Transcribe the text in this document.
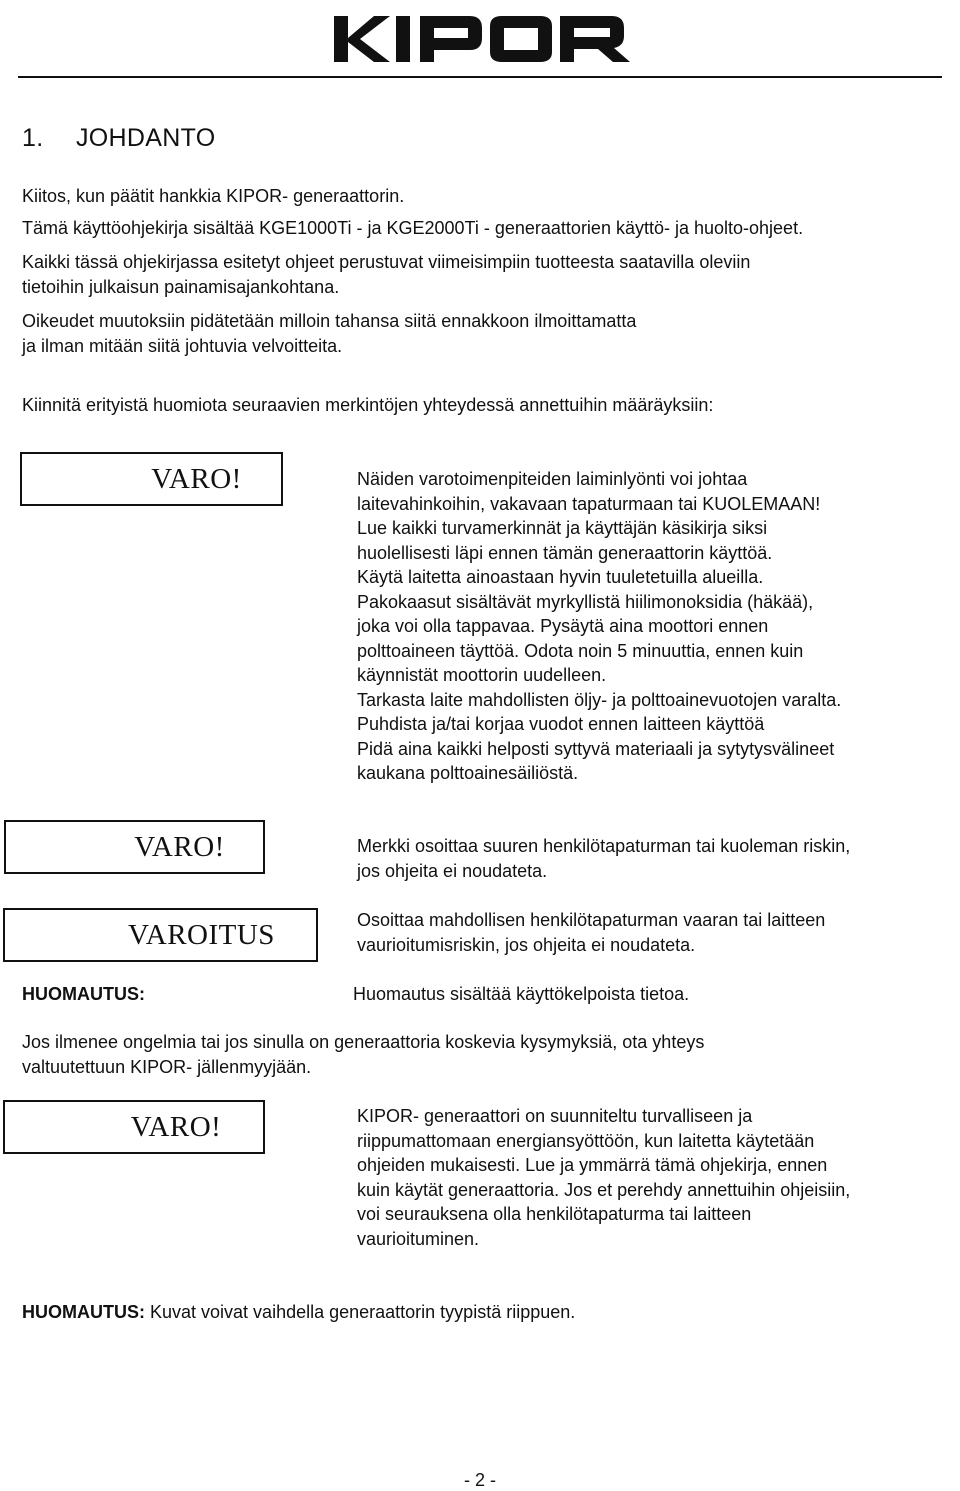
1. JOHDANTO
Kiitos, kun päätit hankkia KIPOR- generaattorin.
Tämä käyttöohjekirja sisältää KGE1000Ti - ja KGE2000Ti - generaattorien käyttö- ja huolto-ohjeet.
Kaikki tässä ohjekirjassa esitetyt ohjeet perustuvat viimeisimpiin tuotteesta saatavilla oleviin
tietoihin julkaisun painamisajankohtana.
Oikeudet muutoksiin pidätetään milloin tahansa siitä ennakkoon ilmoittamatta
ja ilman mitään siitä johtuvia velvoitteita.
Kiinnitä erityistä huomiota seuraavien merkintöjen yhteydessä annettuihin määräyksiin:
VARO!	Näiden varotoimenpiteiden laiminlyönti voi johtaa
laitevahinkoihin, vakavaan tapaturmaan tai KUOLEMAAN!
Lue kaikki turvamerkinnät ja käyttäjän käsikirja siksi
huolellisesti läpi ennen tämän generaattorin käyttöä.
Käytä laitetta ainoastaan hyvin tuuletetuilla alueilla.
Pakokaasut sisältävät myrkyllistä hiilimonoksidia (häkää),
joka voi olla tappavaa. Pysäytä aina moottori ennen
polttoaineen täyttöä. Odota noin 5 minuuttia, ennen kuin
käynnistät moottorin uudelleen.
Tarkasta laite mahdollisten öljy- ja polttoainevuotojen varalta.
Puhdista ja/tai korjaa vuodot ennen laitteen käyttöä
Pidä aina kaikki helposti syttyvä materiaali ja sytytysvälineet
kaukana polttoainesäiliöstä.
VARO!	Merkki osoittaa suuren henkilötapaturman tai kuoleman riskin,
jos ohjeita ei noudateta.
VAROITUS	Osoittaa mahdollisen henkilötapaturman vaaran tai laitteen
vaurioitumisriskin, jos ohjeita ei noudateta.
HUOMAUTUS:	Huomautus sisältää käyttökelpoista tietoa.
Jos ilmenee ongelmia tai jos sinulla on generaattoria koskevia kysymyksiä, ota yhteys
valtuutettuun KIPOR- jällenmyyjään.
VARO!	KIPOR- generaattori on suunniteltu turvalliseen ja
riippumattomaan energiansyöttöön, kun laitetta käytetään
ohjeiden mukaisesti. Lue ja ymmärrä tämä ohjekirja, ennen
kuin käytät generaattoria. Jos et perehdy annettuihin ohjeisiin,
voi seurauksena olla henkilötapaturma tai laitteen
vaurioituminen.
HUOMAUTUS: Kuvat voivat vaihdella generaattorin tyypistä riippuen.
- 2 -
